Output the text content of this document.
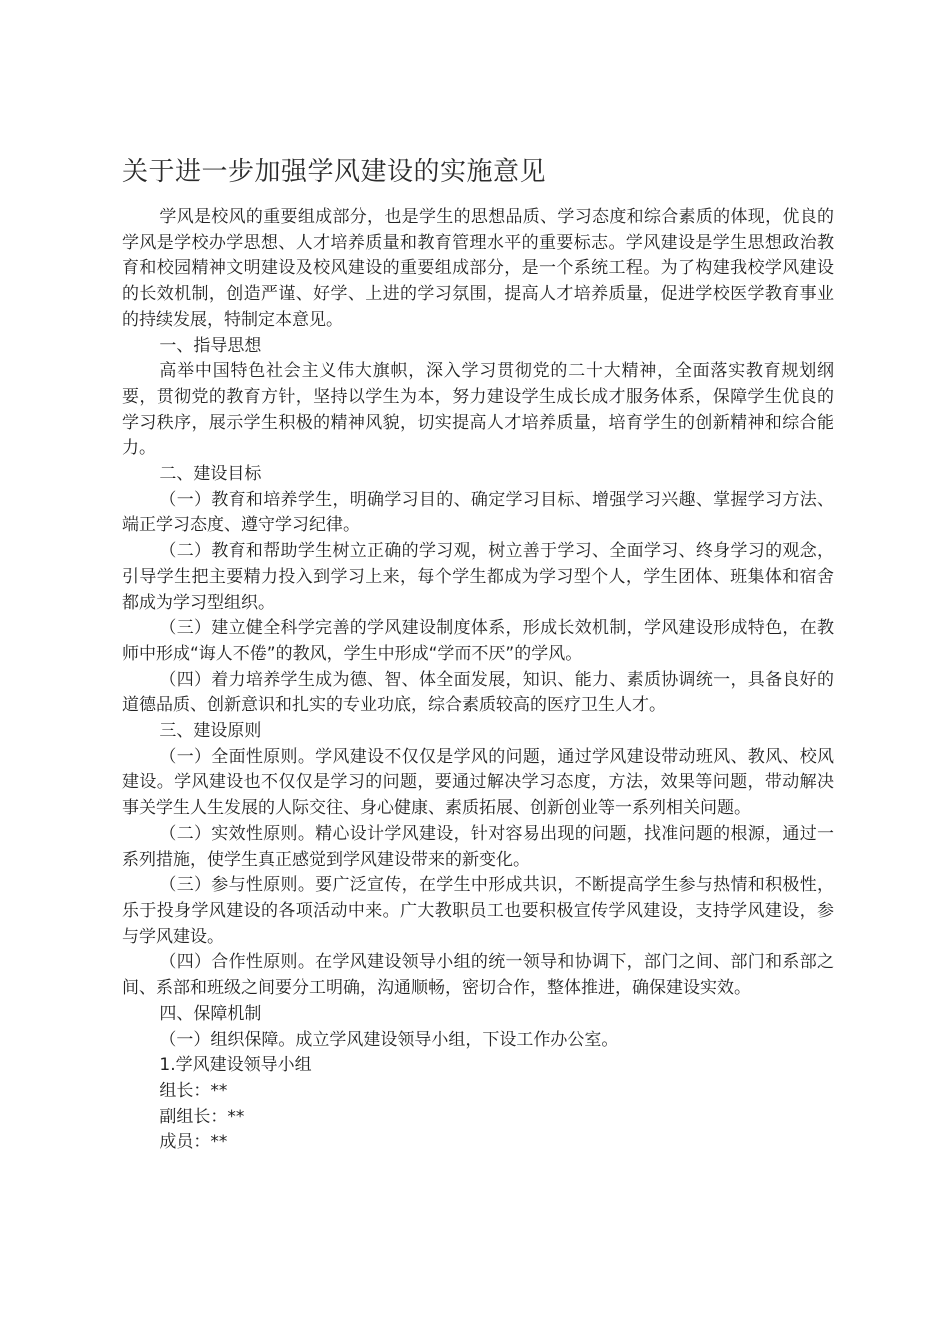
关于进一步加强学风建设的实施意见

学风是校风的重要组成部分，也是学生的思想品质、学习态度和综合素质的体现，优良的学风是学校办学思想、人才培养质量和教育管理水平的重要标志。学风建设是学生思想政治教育和校园精神文明建设及校风建设的重要组成部分，是一个系统工程。为了构建我校学风建设的长效机制，创造严谨、好学、上进的学习氛围，提高人才培养质量，促进学校医学教育事业的持续发展，特制定本意见。

一、指导思想

高举中国特色社会主义伟大旗帜，深入学习贯彻党的二十大精神，全面落实教育规划纲要，贯彻党的教育方针，坚持以学生为本，努力建设学生成长成才服务体系，保障学生优良的学习秩序，展示学生积极的精神风貌，切实提高人才培养质量，培育学生的创新精神和综合能力。

二、建设目标

（一）教育和培养学生，明确学习目的、确定学习目标、增强学习兴趣、掌握学习方法、端正学习态度、遵守学习纪律。

（二）教育和帮助学生树立正确的学习观，树立善于学习、全面学习、终身学习的观念，引导学生把主要精力投入到学习上来，每个学生都成为学习型个人，学生团体、班集体和宿舍都成为学习型组织。

（三）建立健全科学完善的学风建设制度体系，形成长效机制，学风建设形成特色，在教师中形成“诲人不倦”的教风，学生中形成“学而不厌”的学风。

（四）着力培养学生成为德、智、体全面发展，知识、能力、素质协调统一，具备良好的道德品质、创新意识和扎实的专业功底，综合素质较高的医疗卫生人才。

三、建设原则

（一）全面性原则。学风建设不仅仅是学风的问题，通过学风建设带动班风、教风、校风建设。学风建设也不仅仅是学习的问题，要通过解决学习态度，方法，效果等问题，带动解决事关学生人生发展的人际交往、身心健康、素质拓展、创新创业等一系列相关问题。

（二）实效性原则。精心设计学风建设，针对容易出现的问题，找准问题的根源，通过一系列措施，使学生真正感觉到学风建设带来的新变化。

（三）参与性原则。要广泛宣传，在学生中形成共识，不断提高学生参与热情和积极性，乐于投身学风建设的各项活动中来。广大教职员工也要积极宣传学风建设，支持学风建设，参与学风建设。

（四）合作性原则。在学风建设领导小组的统一领导和协调下，部门之间、部门和系部之间、系部和班级之间要分工明确，沟通顺畅，密切合作，整体推进，确保建设实效。

四、保障机制

（一）组织保障。成立学风建设领导小组，下设工作办公室。

1.学风建设领导小组

组长：**

副组长：**

成员：**
